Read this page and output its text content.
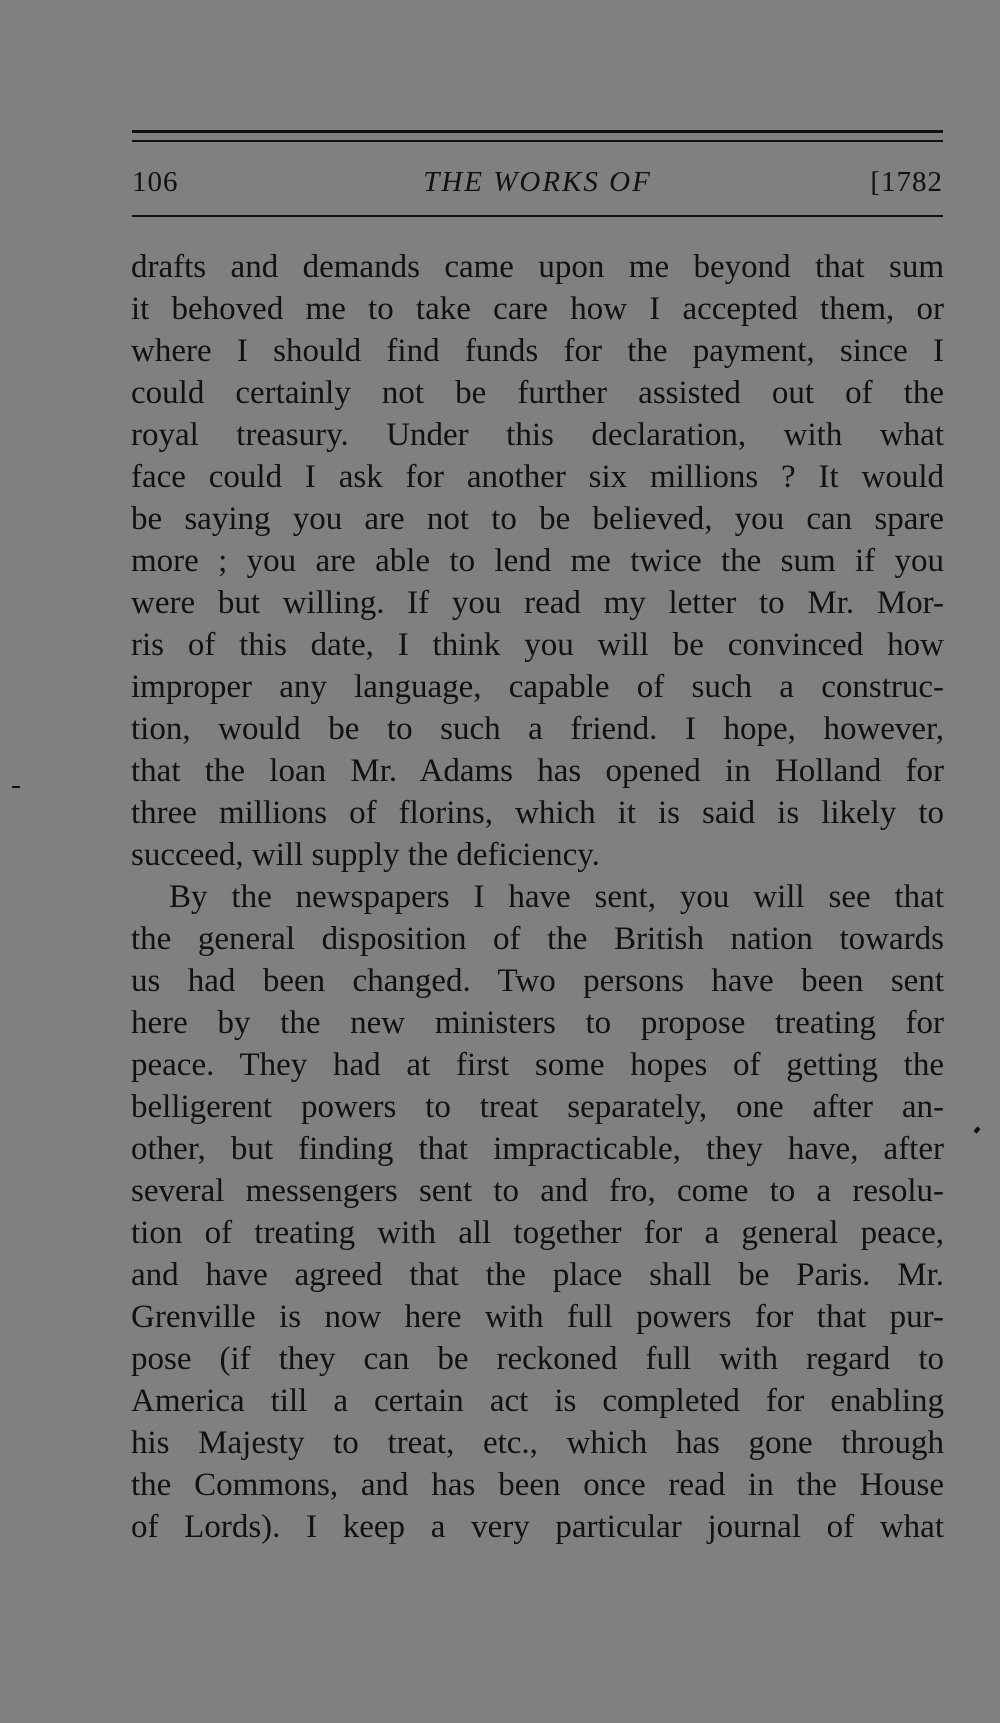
106	THE WORKS OF	[1782
drafts and demands came upon me beyond that sum
it behoved me to take care how I accepted them, or
where I should find funds for the payment, since I
could certainly not be further assisted out of the
royal treasury. Under this declaration, with what
face could I ask for another six millions ? It would
be saying you are not to be believed, you can spare
more ; you are able to lend me twice the sum if you
were but willing. If you read my letter to Mr. Mor-
ris of this date, I think you will be convinced how
improper any language, capable of such a construc-
tion, would be to such a friend. I hope, however,
that the loan Mr. Adams has opened in Holland for
three millions of florins, which it is said is likely to
succeed, will supply the deficiency.
By the newspapers I have sent, you will see that
the general disposition of the British nation towards
us had been changed. Two persons have been sent
here by the new ministers to propose treating for
peace. They had at first some hopes of getting the
belligerent powers to treat separately, one after an-
other, but finding that impracticable, they have, after
several messengers sent to and fro, come to a resolu-
tion of treating with all together for a general peace,
and have agreed that the place shall be Paris. Mr.
Grenville is now here with full powers for that pur-
pose (if they can be reckoned full with regard to
America till a certain act is completed for enabling
his Majesty to treat, etc., which has gone through
the Commons, and has been once read in the House
of Lords). I keep a very particular journal of what
